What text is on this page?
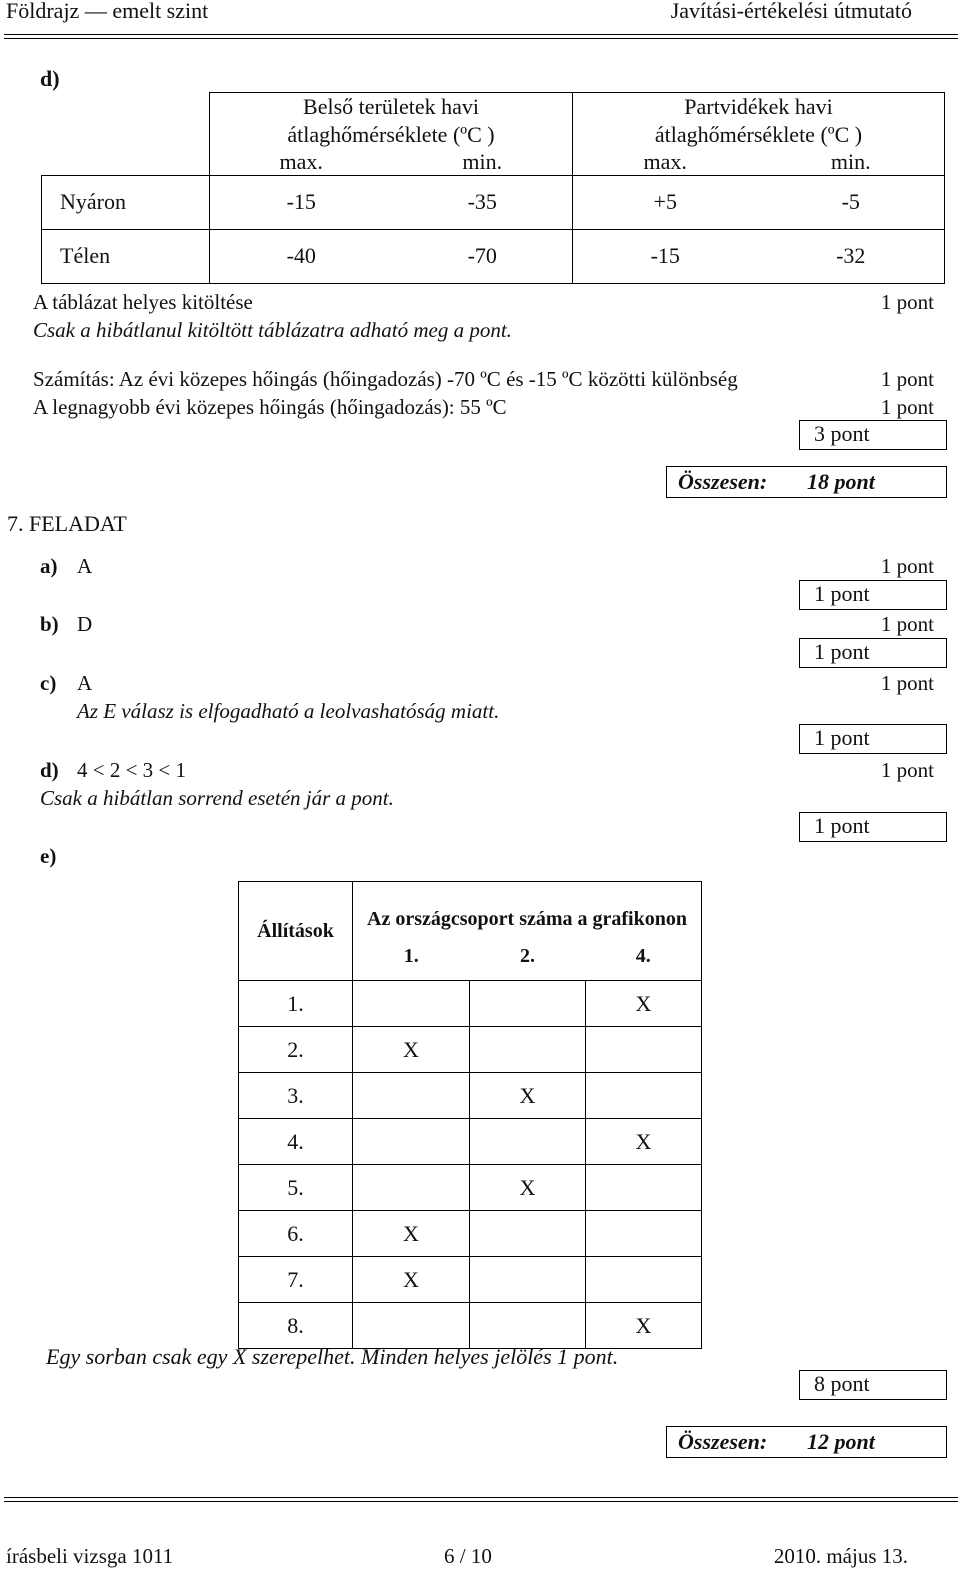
Földrajz — emelt szint	Javítási-értékelési útmutató
d)
	Belső területek havi		Partvidékek havi	
	átlaghőmérséklete (ºC )		átlaghőmérséklete (ºC )	
	max.	min.	max.	min.
Nyáron	-15	-35	+5	-5
Télen	-40	-70	-15	-32
A táblázat helyes kitöltése	1 pont
Csak a hibátlanul kitöltött táblázatra adható meg a pont.
Számítás: Az évi közepes hőingás (hőingadozás) -70 ºC és -15 ºC közötti különbség	1 pont
A legnagyobb évi közepes hőingás (hőingadozás): 55 ºC	1 pont
3 pont
Összesen: 18 pont
7. FELADAT
a) A	1 pont
1 pont
b) D	1 pont
1 pont
c) A	1 pont
Az E válasz is elfogadható a leolvashatóság miatt.
1 pont
d) 4 < 2 < 3 < 1	1 pont
Csak a hibátlan sorrend esetén jár a pont.
1 pont
e)
Állítások	Az országcsoport száma a grafikonon		
	1.	2.	4.
1.			X
2.	X		
3.		X	
4.			X
5.		X	
6.	X		
7.	X		
8.			X
Egy sorban csak egy X szerepelhet. Minden helyes jelölés 1 pont.
8 pont
Összesen: 12 pont
írásbeli vizsga 1011	6 / 10	2010. május 13.
